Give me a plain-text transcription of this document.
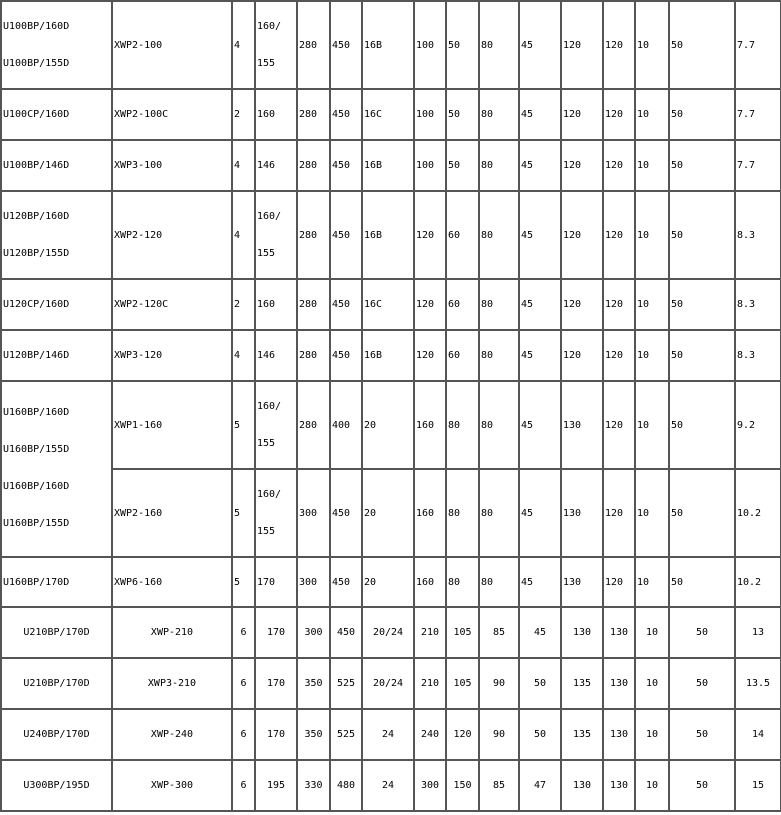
U100BP/160D
U100BP/155D	XWP2-100	4	160/
155	280	450	16B	100	50	80	45	120	120	10	50	7.7
U100CP/160D	XWP2-100C	2	160	280	450	16C	100	50	80	45	120	120	10	50	7.7
U100BP/146D	XWP3-100	4	146	280	450	16B	100	50	80	45	120	120	10	50	7.7

U120BP/160D
U120BP/155D	XWP2-120	4	160/
155	280	450	16B	120	60	80	45	120	120	10	50	8.3
U120CP/160D	XWP2-120C	2	160	280	450	16C	120	60	80	45	120	120	10	50	8.3
U120BP/146D	XWP3-120	4	146	280	450	16B	120	60	80	45	120	120	10	50	8.3

U160BP/160D
U160BP/155D
U160BP/160D
U160BP/155D	XWP1-160	5	160/
155	280	400	20	160	80	80	45	130	120	10	50	9.2
	XWP2-160	5	160/
155	300	450	20	160	80	80	45	130	120	10	50	10.2
U160BP/170D	XWP6-160	5	170	300	450	20	160	80	80	45	130	120	10	50	10.2
U210BP/170D	XWP-210	6	170	300	450	20/24	210	105	85	45	130	130	10	50	13
U210BP/170D	XWP3-210	6	170	350	525	20/24	210	105	90	50	135	130	10	50	13.5
U240BP/170D	XWP-240	6	170	350	525	24	240	120	90	50	135	130	10	50	14
U300BP/195D	XWP-300	6	195	330	480	24	300	150	85	47	130	130	10	50	15
